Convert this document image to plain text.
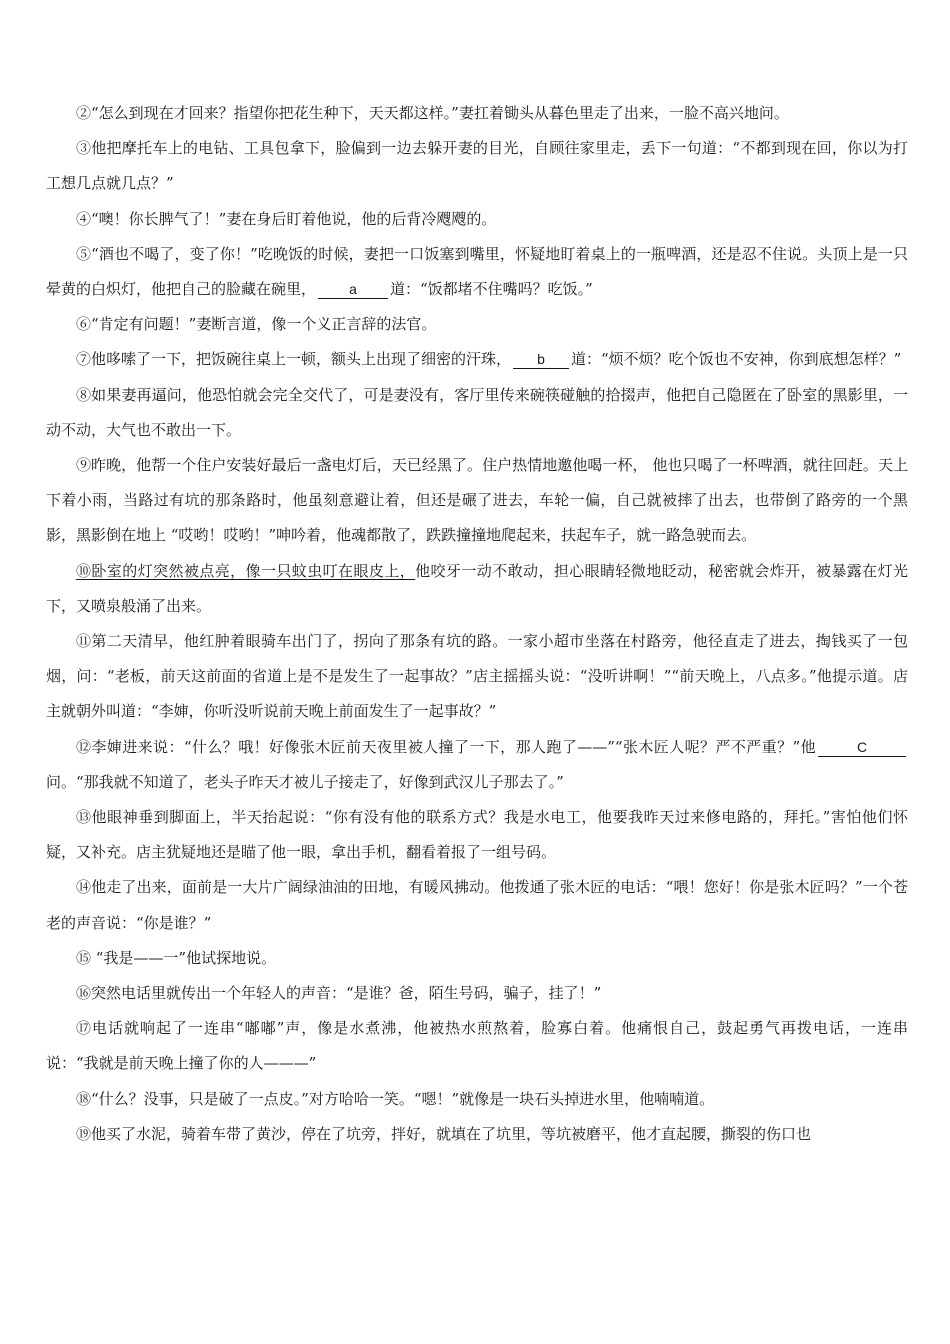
②“怎么到现在才回来？指望你把花生种下，天天都这样。”妻扛着锄头从暮色里走了出来，一脸不高兴地问。

③他把摩托车上的电钻、工具包拿下，脸偏到一边去躲开妻的目光，自顾往家里走，丢下一句道：“不都到现在回，你以为打工想几点就几点？”

④“噢！你长脾气了！”妻在身后盯着他说，他的后背冷飕飕的。

⑤“酒也不喝了，变了你！”吃晚饭的时候，妻把一口饭塞到嘴里，怀疑地盯着桌上的一瓶啤酒，还是忍不住说。头顶上是一只晕黄的白炽灯，他把自己的脸藏在碗里， a 道：“饭都堵不住嘴吗？吃饭。”

⑥“肯定有问题！”妻断言道，像一个义正言辞的法官。

⑦他哆嗦了一下，把饭碗往桌上一顿，额头上出现了细密的汗珠， b 道：“烦不烦？吃个饭也不安神，你到底想怎样？”

⑧如果妻再逼问，他恐怕就会完全交代了，可是妻没有，客厅里传来碗筷碰触的拾掇声，他把自己隐匿在了卧室的黑影里，一动不动，大气也不敢出一下。

⑨昨晚，他帮一个住户安装好最后一盏电灯后，天已经黑了。住户热情地邀他喝一杯， 他也只喝了一杯啤酒，就往回赶。天上下着小雨，当路过有坑的那条路时，他虽刻意避让着，但还是碾了进去，车轮一偏，自己就被摔了出去，也带倒了路旁的一个黑影，黑影倒在地上 “哎哟！哎哟！”呻吟着，他魂都散了，跌跌撞撞地爬起来，扶起车子，就一路急驶而去。

⑩卧室的灯突然被点亮，像一只蚊虫叮在眼皮上，他咬牙一动不敢动，担心眼睛轻微地眨动，秘密就会炸开，被暴露在灯光下，又喷泉般涌了出来。

⑪第二天清早，他红肿着眼骑车出门了，拐向了那条有坑的路。一家小超市坐落在村路旁，他径直走了进去，掏钱买了一包烟，问：“老板，前天这前面的省道上是不是发生了一起事故？”店主摇摇头说：“没听讲啊！”“前天晚上，八点多。”他提示道。店主就朝外叫道：“李婶，你听没听说前天晚上前面发生了一起事故？”

⑫李婶进来说：“什么？哦！好像张木匠前天夜里被人撞了一下，那人跑了——”“张木匠人呢？严不严重？”他	C问。“那我就不知道了，老头子昨天才被儿子接走了，好像到武汉儿子那去了。”

⑬他眼神垂到脚面上，半天抬起说：“你有没有他的联系方式？我是水电工，他要我昨天过来修电路的，拜托。”害怕他们怀疑，又补充。店主犹疑地还是瞄了他一眼，拿出手机，翻看着报了一组号码。

⑭他走了出来，面前是一大片广阔绿油油的田地，有暖风拂动。他拨通了张木匠的电话：“喂！您好！你是张木匠吗？”一个苍老的声音说：“你是谁？”

⑮ “我是——一”他试探地说。

⑯突然电话里就传出一个年轻人的声音：“是谁？爸，陌生号码，骗子，挂了！”

⑰电话就响起了一连串“嘟嘟”声，像是水煮沸，他被热水煎熬着，脸寡白着。他痛恨自己，鼓起勇气再拨电话，一连串说：“我就是前天晚上撞了你的人———”

⑱“什么？没事，只是破了一点皮。”对方哈哈一笑。“嗯！”就像是一块石头掉进水里，他喃喃道。

⑲他买了水泥，骑着车带了黄沙，停在了坑旁，拌好，就填在了坑里，等坑被磨平，他才直起腰，撕裂的伤口也
